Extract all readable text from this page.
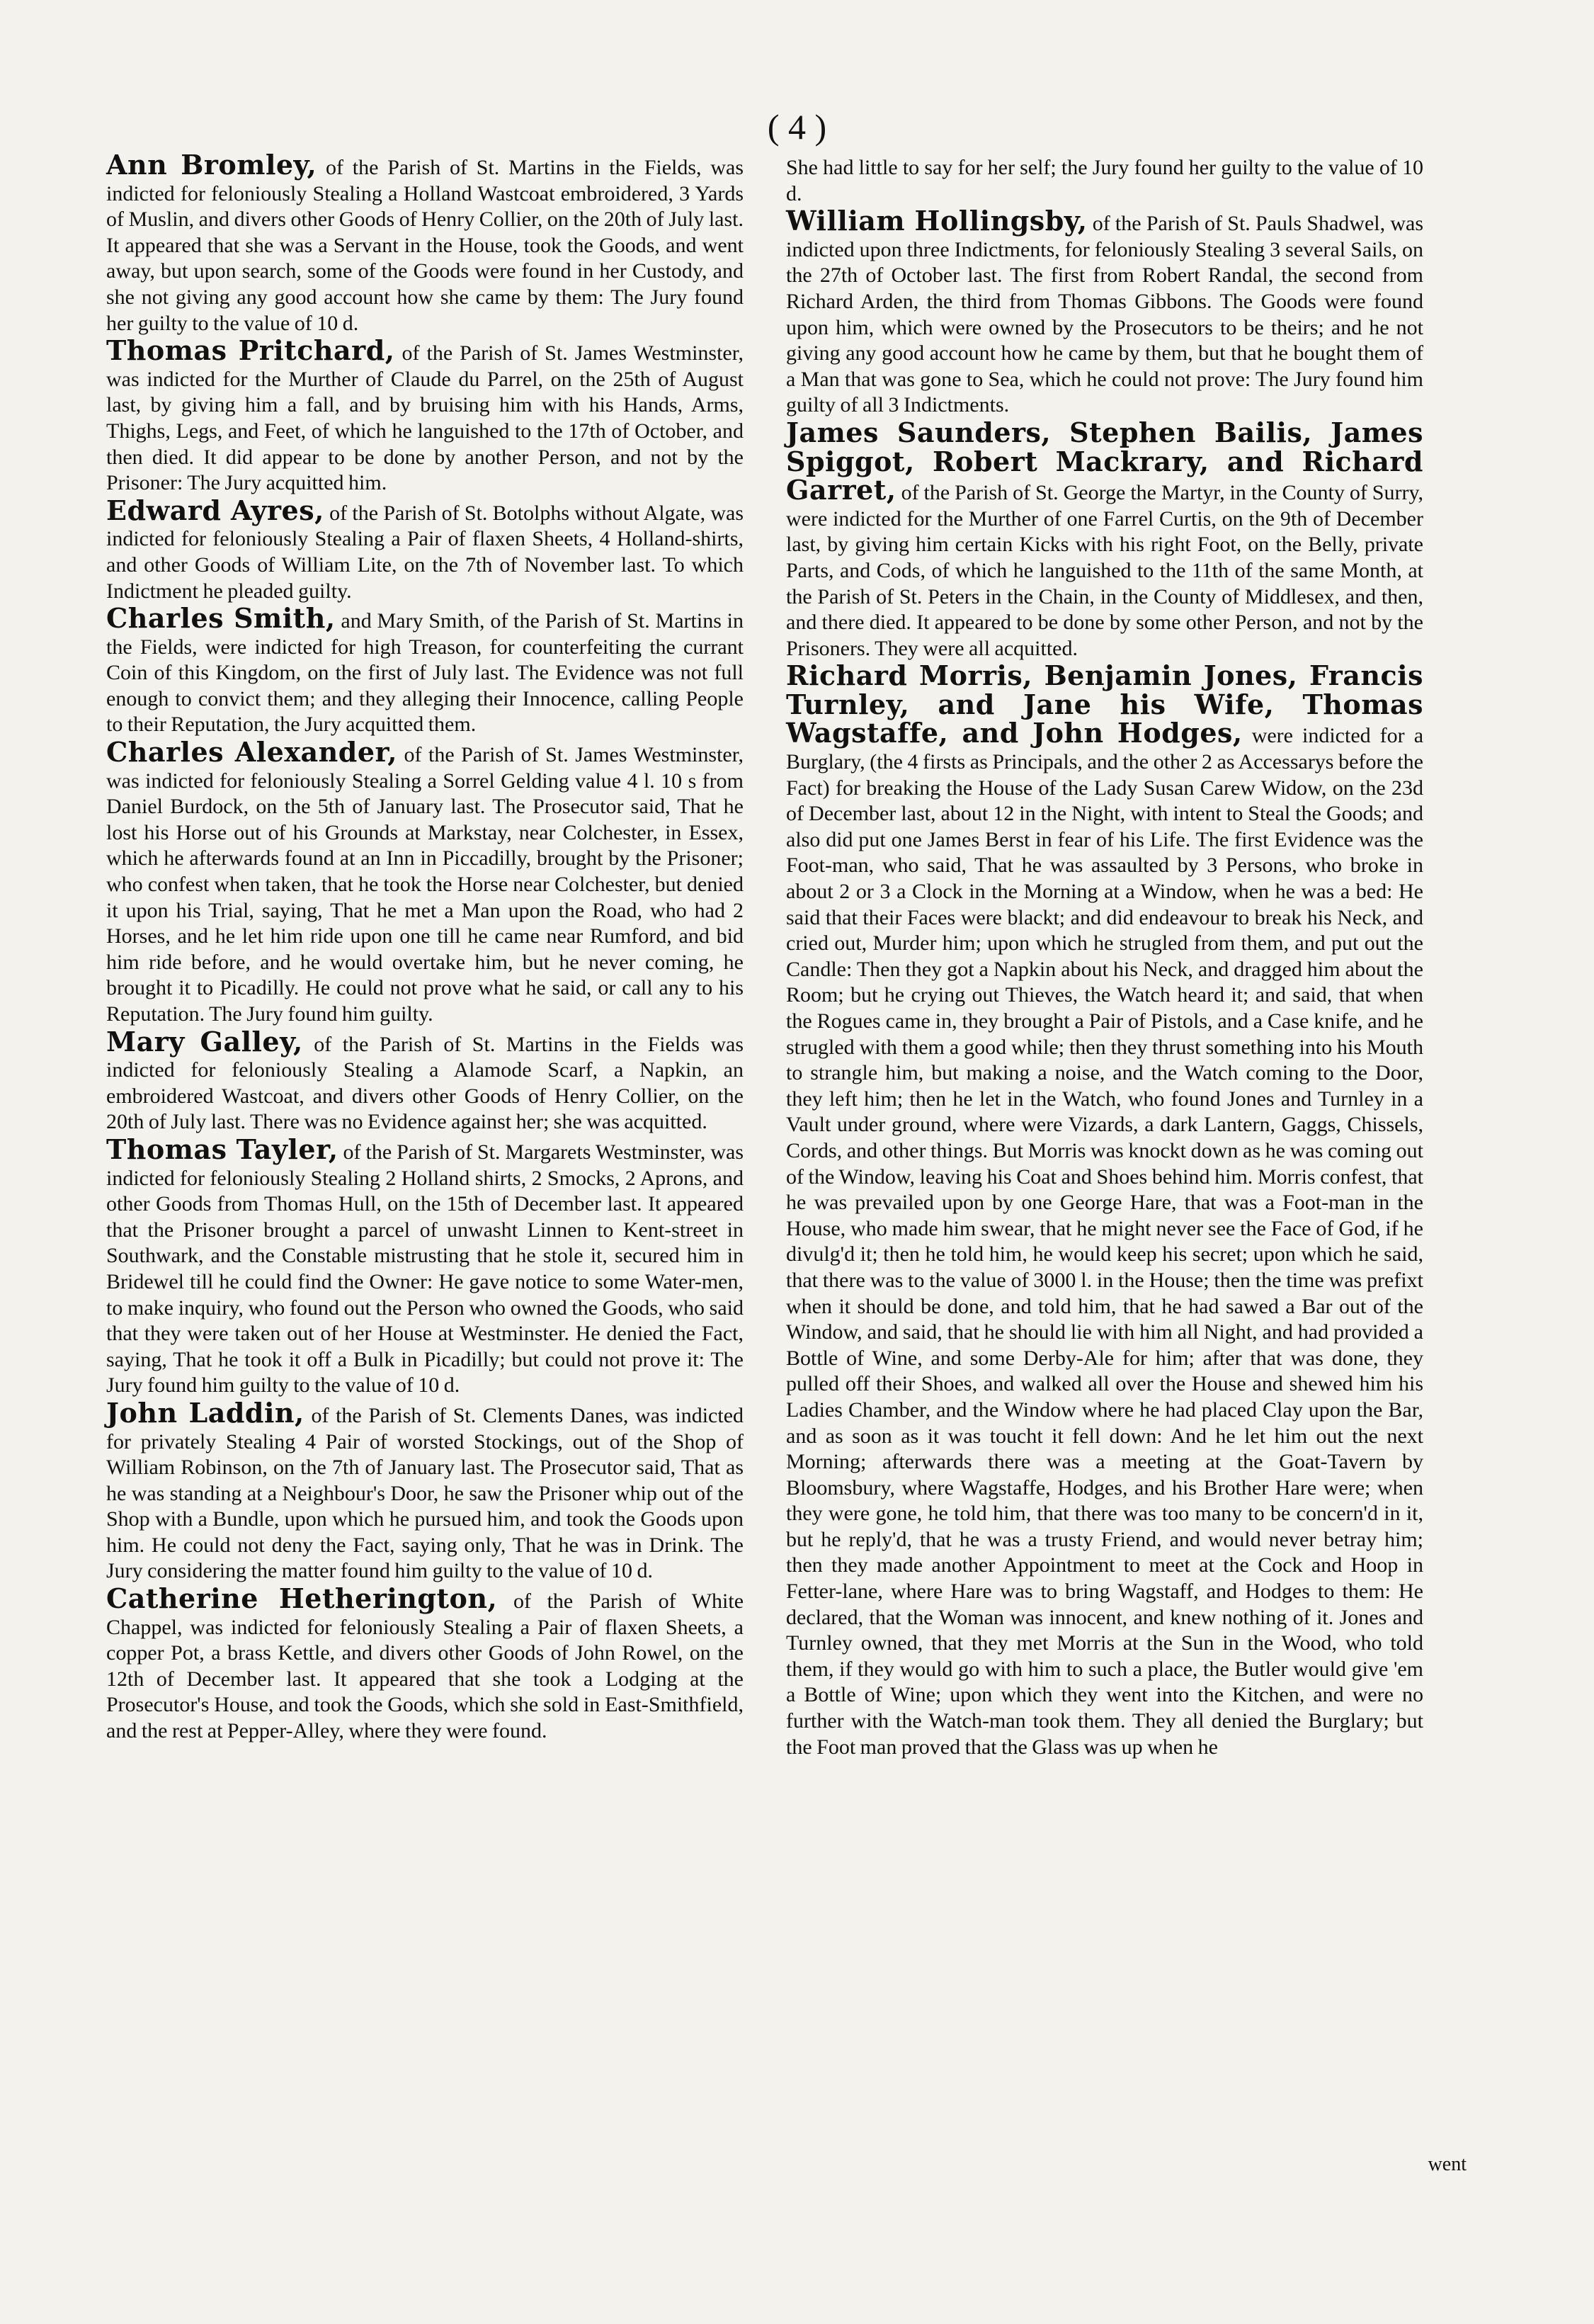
( 4 )

Ann Bromley, of the Parish of St. Martins in the Fields, was indicted for feloniously Stealing a Holland Wastcoat embroidered, 3 Yards of Muslin, and divers other Goods of Henry Collier, on the 20th of July last. It appeared that she was a Servant in the House, took the Goods, and went away, but upon search, some of the Goods were found in her Custody, and she not giving any good account how she came by them: The Jury found her guilty to the value of 10 d.

Thomas Pritchard, of the Parish of St. James Westminster, was indicted for the Murther of Claude du Parrel, on the 25th of August last, by giving him a fall, and by bruising him with his Hands, Arms, Thighs, Legs, and Feet, of which he languished to the 17th of October, and then died. It did appear to be done by another Person, and not by the Prisoner: The Jury acquitted him.

Edward Ayres, of the Parish of St. Botolphs without Algate, was indicted for feloniously Stealing a Pair of flaxen Sheets, 4 Holland-shirts, and other Goods of William Lite, on the 7th of November last. To which Indictment he pleaded guilty.

Charles Smith, and Mary Smith, of the Parish of St. Martins in the Fields, were indicted for high Treason, for counterfeiting the currant Coin of this Kingdom, on the first of July last. The Evidence was not full enough to convict them; and they alleging their Innocence, calling People to their Reputation, the Jury acquitted them.

Charles Alexander, of the Parish of St. James Westminster, was indicted for feloniously Stealing a Sorrel Gelding value 4 l. 10 s from Daniel Burdock, on the 5th of January last. The Prosecutor said, That he lost his Horse out of his Grounds at Markstay, near Colchester, in Essex, which he afterwards found at an Inn in Piccadilly, brought by the Prisoner; who confest when taken, that he took the Horse near Colchester, but denied it upon his Trial, saying, That he met a Man upon the Road, who had 2 Horses, and he let him ride upon one till he came near Rumford, and bid him ride before, and he would overtake him, but he never coming, he brought it to Picadilly. He could not prove what he said, or call any to his Reputation. The Jury found him guilty.

Mary Galley, of the Parish of St. Martins in the Fields was indicted for feloniously Stealing a Alamode Scarf, a Napkin, an embroidered Wastcoat, and divers other Goods of Henry Collier, on the 20th of July last. There was no Evidence against her; she was acquitted.

Thomas Tayler, of the Parish of St. Margarets Westminster, was indicted for feloniously Stealing 2 Holland shirts, 2 Smocks, 2 Aprons, and other Goods from Thomas Hull, on the 15th of December last. It appeared that the Prisoner brought a parcel of unwasht Linnen to Kent-street in Southwark, and the Constable mistrusting that he stole it, secured him in Bridewel till he could find the Owner: He gave notice to some Water-men, to make inquiry, who found out the Person who owned the Goods, who said that they were taken out of her House at Westminster. He denied the Fact, saying, That he took it off a Bulk in Picadilly; but could not prove it: The Jury found him guilty to the value of 10 d.

John Laddin, of the Parish of St. Clements Danes, was indicted for privately Stealing 4 Pair of worsted Stockings, out of the Shop of William Robinson, on the 7th of January last. The Prosecutor said, That as he was standing at a Neighbour's Door, he saw the Prisoner whip out of the Shop with a Bundle, upon which he pursued him, and took the Goods upon him. He could not deny the Fact, saying only, That he was in Drink. The Jury considering the matter found him guilty to the value of 10 d.

Catherine Hetherington, of the Parish of White Chappel, was indicted for feloniously Stealing a Pair of flaxen Sheets, a copper Pot, a brass Kettle, and divers other Goods of John Rowel, on the 12th of December last. It appeared that she took a Lodging at the Prosecutor's House, and took the Goods, which she sold in East-Smithfield, and the rest at Pepper-Alley, where they were found.

She had little to say for her self; the Jury found her guilty to the value of 10 d.

William Hollingsby, of the Parish of St. Pauls Shadwel, was indicted upon three Indictments, for feloniously Stealing 3 several Sails, on the 27th of October last. The first from Robert Randal, the second from Richard Arden, the third from Thomas Gibbons. The Goods were found upon him, which were owned by the Prosecutors to be theirs; and he not giving any good account how he came by them, but that he bought them of a Man that was gone to Sea, which he could not prove: The Jury found him guilty of all 3 Indictments.

James Saunders, Stephen Bailis, James Spiggot, Robert Mackrary, and Richard Garret, of the Parish of St. George the Martyr, in the County of Surry, were indicted for the Murther of one Farrel Curtis, on the 9th of December last, by giving him certain Kicks with his right Foot, on the Belly, private Parts, and Cods, of which he languished to the 11th of the same Month, at the Parish of St. Peters in the Chain, in the County of Middlesex, and then, and there died. It appeared to be done by some other Person, and not by the Prisoners. They were all acquitted.

Richard Morris, Benjamin Jones, Francis Turnley, and Jane his Wife, Thomas Wagstaffe, and John Hodges, were indicted for a Burglary, (the 4 firsts as Principals, and the other 2 as Accessarys before the Fact) for breaking the House of the Lady Susan Carew Widow, on the 23d of December last, about 12 in the Night, with intent to Steal the Goods; and also did put one James Berst in fear of his Life. The first Evidence was the Foot-man, who said, That he was assaulted by 3 Persons, who broke in about 2 or 3 a Clock in the Morning at a Window, when he was a bed: He said that their Faces were blackt; and did endeavour to break his Neck, and cried out, Murder him; upon which he strugled from them, and put out the Candle: Then they got a Napkin about his Neck, and dragged him about the Room; but he crying out Thieves, the Watch heard it; and said, that when the Rogues came in, they brought a Pair of Pistols, and a Case knife, and he strugled with them a good while; then they thrust something into his Mouth to strangle him, but making a noise, and the Watch coming to the Door, they left him; then he let in the Watch, who found Jones and Turnley in a Vault under ground, where were Vizards, a dark Lantern, Gaggs, Chissels, Cords, and other things. But Morris was knockt down as he was coming out of the Window, leaving his Coat and Shoes behind him. Morris confest, that he was prevailed upon by one George Hare, that was a Foot-man in the House, who made him swear, that he might never see the Face of God, if he divulg'd it; then he told him, he would keep his secret; upon which he said, that there was to the value of 3000 l. in the House; then the time was prefixt when it should be done, and told him, that he had sawed a Bar out of the Window, and said, that he should lie with him all Night, and had provided a Bottle of Wine, and some Derby-Ale for him; after that was done, they pulled off their Shoes, and walked all over the House and shewed him his Ladies Chamber, and the Window where he had placed Clay upon the Bar, and as soon as it was toucht it fell down: And he let him out the next Morning; afterwards there was a meeting at the Goat-Tavern by Bloomsbury, where Wagstaffe, Hodges, and his Brother Hare were; when they were gone, he told him, that there was too many to be concern'd in it, but he reply'd, that he was a trusty Friend, and would never betray him; then they made another Appointment to meet at the Cock and Hoop in Fetter-lane, where Hare was to bring Wagstaff, and Hodges to them: He declared, that the Woman was innocent, and knew nothing of it. Jones and Turnley owned, that they met Morris at the Sun in the Wood, who told them, if they would go with him to such a place, the Butler would give 'em a Bottle of Wine; upon which they went into the Kitchen, and were no further with the Watch-man took them. They all denied the Burglary; but the Foot man proved that the Glass was up when he

went
